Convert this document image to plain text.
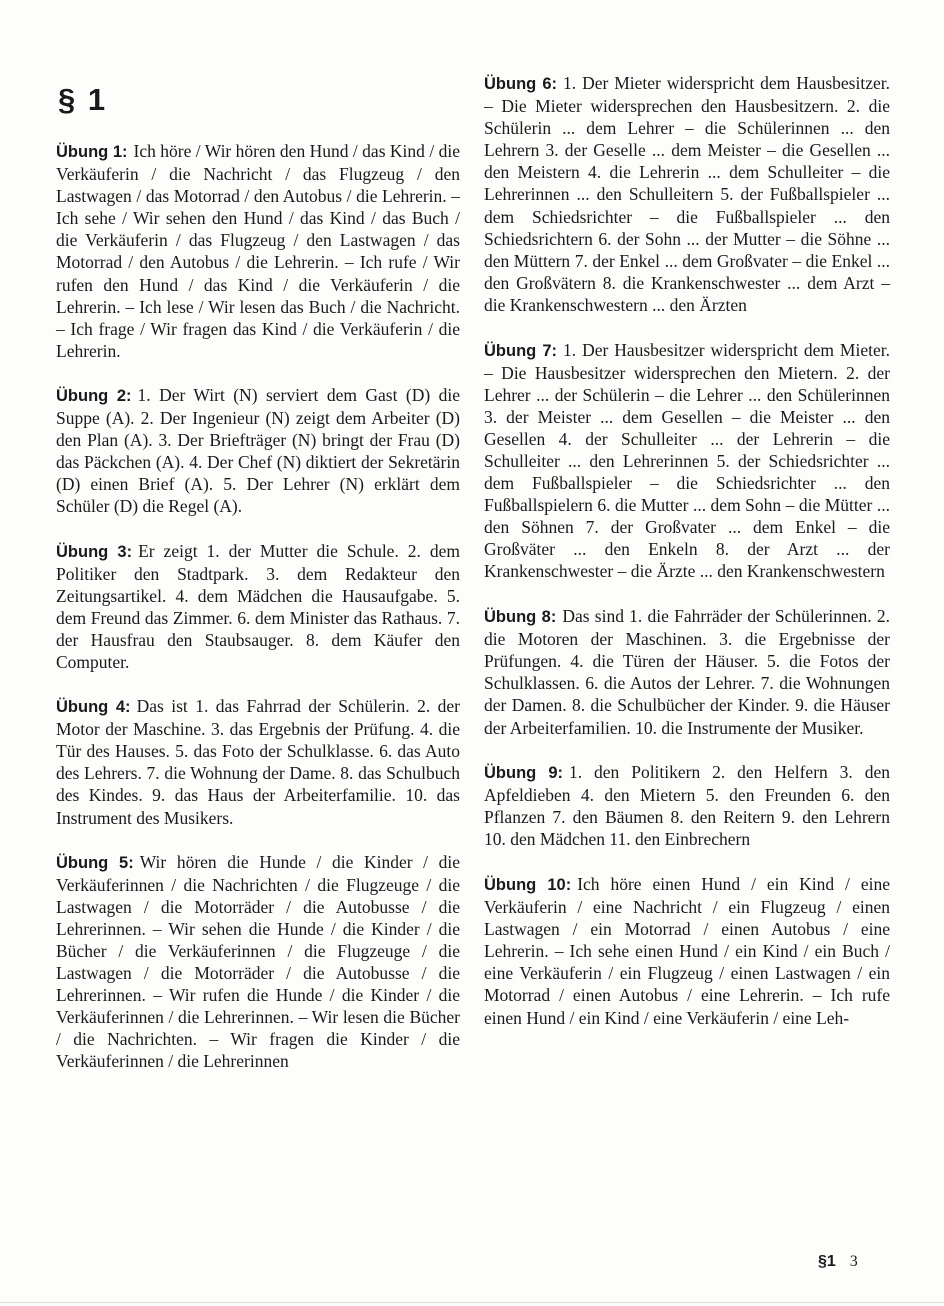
§ 1

Übung 1: Ich höre / Wir hören den Hund / das Kind / die Verkäuferin / die Nachricht / das Flugzeug / den Lastwagen / das Motorrad / den Autobus / die Lehrerin. – Ich sehe / Wir sehen den Hund / das Kind / das Buch / die Verkäuferin / das Flugzeug / den Lastwagen / das Motorrad / den Autobus / die Lehrerin. – Ich rufe / Wir rufen den Hund / das Kind / die Verkäuferin / die Lehrerin. – Ich lese / Wir lesen das Buch / die Nachricht. – Ich frage / Wir fragen das Kind / die Verkäuferin / die Lehrerin.

Übung 2: 1. Der Wirt (N) serviert dem Gast (D) die Suppe (A). 2. Der Ingenieur (N) zeigt dem Arbeiter (D) den Plan (A). 3. Der Briefträger (N) bringt der Frau (D) das Päckchen (A). 4. Der Chef (N) diktiert der Sekretärin (D) einen Brief (A). 5. Der Lehrer (N) erklärt dem Schüler (D) die Regel (A).

Übung 3: Er zeigt 1. der Mutter die Schule. 2. dem Politiker den Stadtpark. 3. dem Redakteur den Zeitungsartikel. 4. dem Mädchen die Hausaufgabe. 5. dem Freund das Zimmer. 6. dem Minister das Rathaus. 7. der Hausfrau den Staubsauger. 8. dem Käufer den Computer.

Übung 4: Das ist 1. das Fahrrad der Schülerin. 2. der Motor der Maschine. 3. das Ergebnis der Prüfung. 4. die Tür des Hauses. 5. das Foto der Schulklasse. 6. das Auto des Lehrers. 7. die Wohnung der Dame. 8. das Schulbuch des Kindes. 9. das Haus der Arbeiterfamilie. 10. das Instrument des Musikers.

Übung 5: Wir hören die Hunde / die Kinder / die Verkäuferinnen / die Nachrichten / die Flugzeuge / die Lastwagen / die Motorräder / die Autobusse / die Lehrerinnen. – Wir sehen die Hunde / die Kinder / die Bücher / die Verkäuferinnen / die Flugzeuge / die Lastwagen / die Motorräder / die Autobusse / die Lehrerinnen. – Wir rufen die Hunde / die Kinder / die Verkäuferinnen / die Lehrerinnen. – Wir lesen die Bücher / die Nachrichten. – Wir fragen die Kinder / die Verkäuferinnen / die Lehrerinnen

Übung 6: 1. Der Mieter widerspricht dem Hausbesitzer. – Die Mieter widersprechen den Hausbesitzern. 2. die Schülerin ... dem Lehrer – die Schülerinnen ... den Lehrern 3. der Geselle ... dem Meister – die Gesellen ... den Meistern 4. die Lehrerin ... dem Schulleiter – die Lehrerinnen ... den Schulleitern 5. der Fußballspieler ... dem Schiedsrichter – die Fußballspieler ... den Schiedsrichtern 6. der Sohn ... der Mutter – die Söhne ... den Müttern 7. der Enkel ... dem Großvater – die Enkel ... den Großvätern 8. die Krankenschwester ... dem Arzt – die Krankenschwestern ... den Ärzten

Übung 7: 1. Der Hausbesitzer widerspricht dem Mieter. – Die Hausbesitzer widersprechen den Mietern. 2. der Lehrer ... der Schülerin – die Lehrer ... den Schülerinnen 3. der Meister ... dem Gesellen – die Meister ... den Gesellen 4. der Schulleiter ... der Lehrerin – die Schulleiter ... den Lehrerinnen 5. der Schiedsrichter ... dem Fußballspieler – die Schiedsrichter ... den Fußballspielern 6. die Mutter ... dem Sohn – die Mütter ... den Söhnen 7. der Großvater ... dem Enkel – die Großväter ... den Enkeln 8. der Arzt ... der Krankenschwester – die Ärzte ... den Krankenschwestern

Übung 8: Das sind 1. die Fahrräder der Schülerinnen. 2. die Motoren der Maschinen. 3. die Ergebnisse der Prüfungen. 4. die Türen der Häuser. 5. die Fotos der Schulklassen. 6. die Autos der Lehrer. 7. die Wohnungen der Damen. 8. die Schulbücher der Kinder. 9. die Häuser der Arbeiterfamilien. 10. die Instrumente der Musiker.

Übung 9: 1. den Politikern 2. den Helfern 3. den Apfeldieben 4. den Mietern 5. den Freunden 6. den Pflanzen 7. den Bäumen 8. den Reitern 9. den Lehrern 10. den Mädchen 11. den Einbrechern

Übung 10: Ich höre einen Hund / ein Kind / eine Verkäuferin / eine Nachricht / ein Flugzeug / einen Lastwagen / ein Motorrad / einen Autobus / eine Lehrerin. – Ich sehe einen Hund / ein Kind / ein Buch / eine Verkäuferin / ein Flugzeug / einen Lastwagen / ein Motorrad / einen Autobus / eine Lehrerin. – Ich rufe einen Hund / ein Kind / eine Verkäuferin / eine Leh-

§1 3
